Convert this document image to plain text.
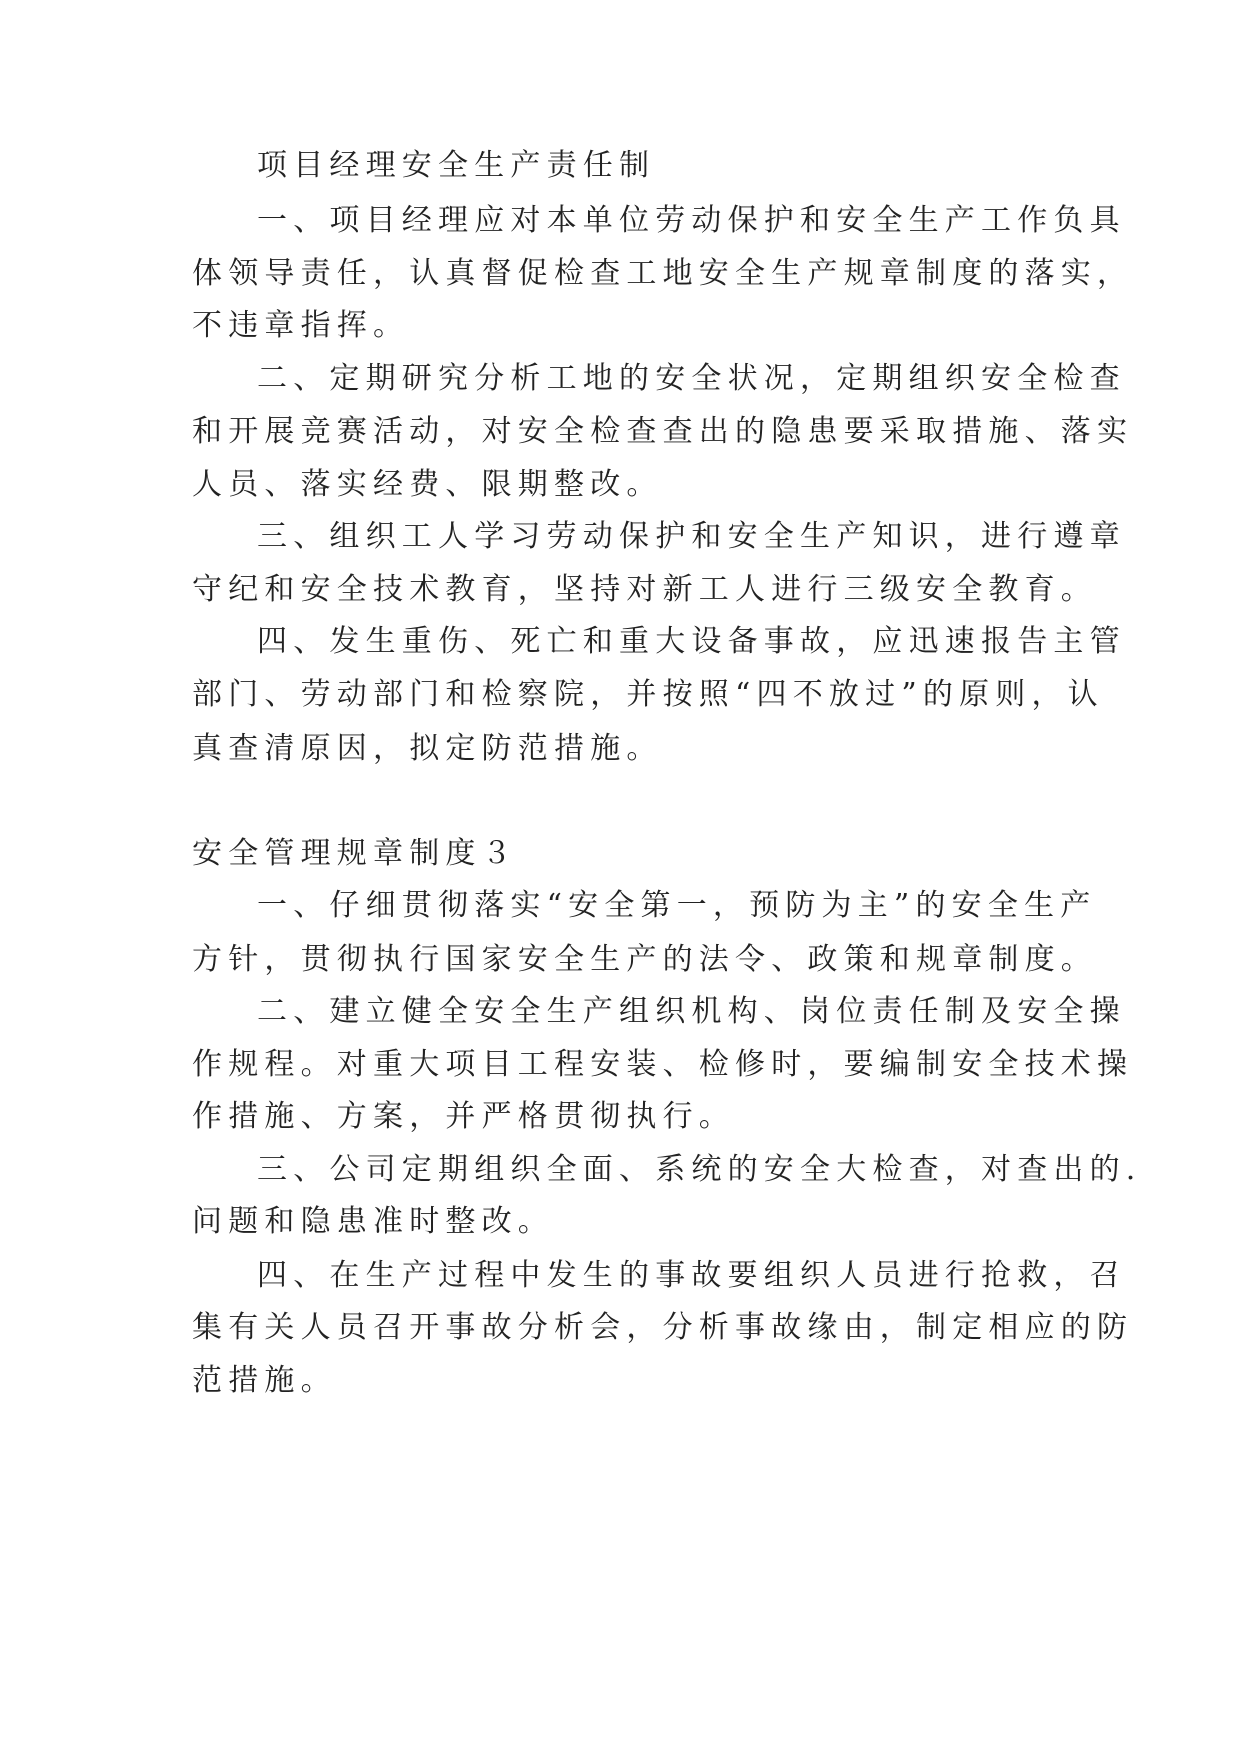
项目经理安全生产责任制
一、项目经理应对本单位劳动保护和安全生产工作负具
体领导责任，认真督促检查工地安全生产规章制度的落实，
不违章指挥。
二、定期研究分析工地的安全状况，定期组织安全检查
和开展竞赛活动，对安全检查查出的隐患要采取措施、落实
人员、落实经费、限期整改。
三、组织工人学习劳动保护和安全生产知识，进行遵章
守纪和安全技术教育，坚持对新工人进行三级安全教育。
四、发生重伤、死亡和重大设备事故，应迅速报告主管
部门、劳动部门和检察院，并按照“四不放过”的原则，认
真查清原因，拟定防范措施。
安全管理规章制度３
一、仔细贯彻落实“安全第一，预防为主”的安全生产
方针，贯彻执行国家安全生产的法令、政策和规章制度。
二、建立健全安全生产组织机构、岗位责任制及安全操
作规程。对重大项目工程安装、检修时，要编制安全技术操
作措施、方案，并严格贯彻执行。
三、公司定期组织全面、系统的安全大检查，对查出的.
问题和隐患准时整改。
四、在生产过程中发生的事故要组织人员进行抢救，召
集有关人员召开事故分析会，分析事故缘由，制定相应的防
范措施。
